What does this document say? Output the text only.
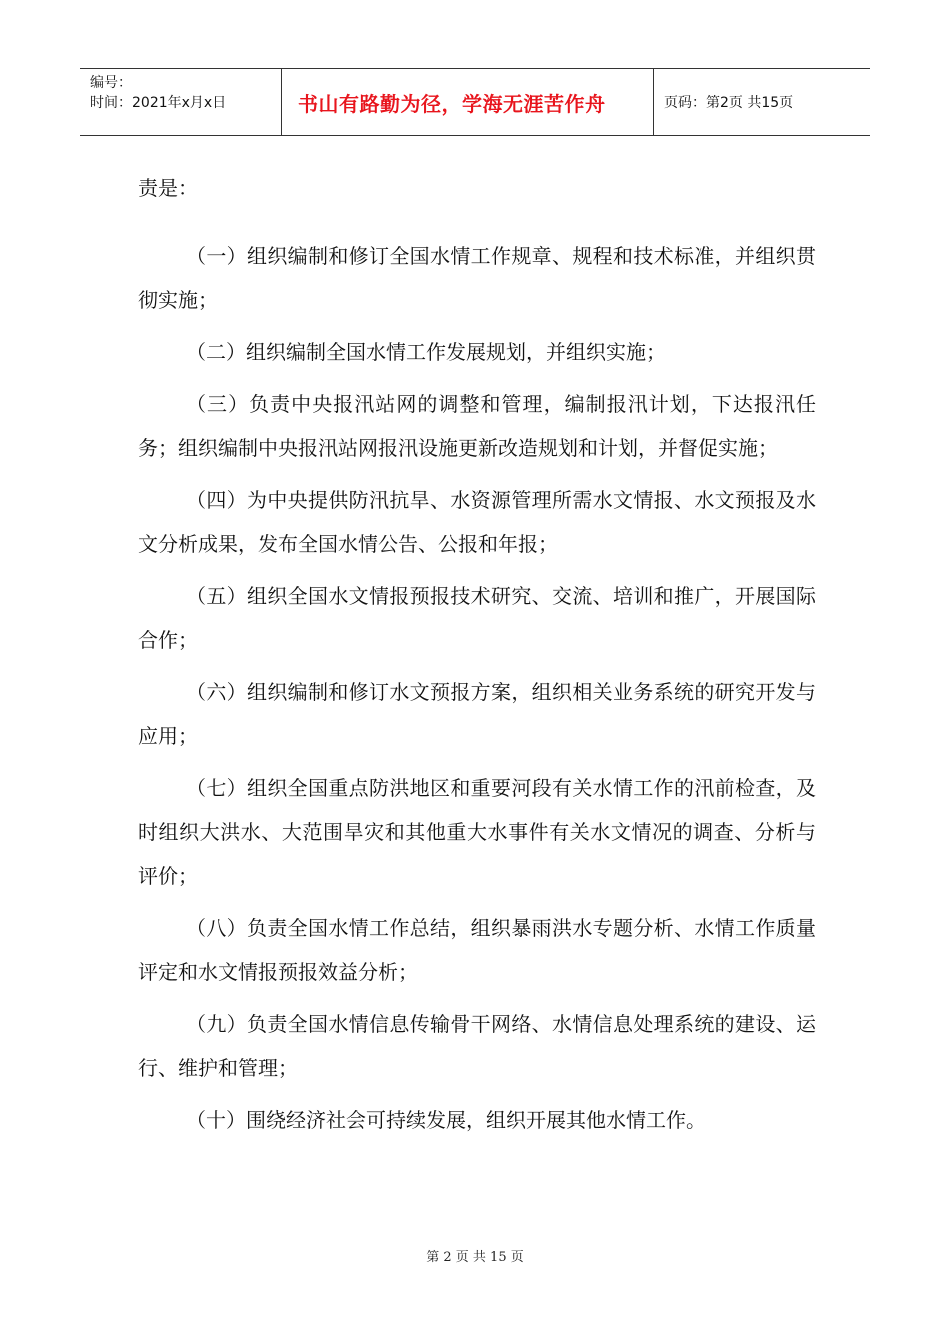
编号：
时间：2021年x月x日	书山有路勤为径，学海无涯苦作舟	页码：第2页 共15页

责是：

（一）组织编制和修订全国水情工作规章、规程和技术标准，并组织贯彻实施；

（二）组织编制全国水情工作发展规划，并组织实施；

（三）负责中央报汛站网的调整和管理，编制报汛计划，下达报汛任务；组织编制中央报汛站网报汛设施更新改造规划和计划，并督促实施；

（四）为中央提供防汛抗旱、水资源管理所需水文情报、水文预报及水文分析成果，发布全国水情公告、公报和年报；

（五）组织全国水文情报预报技术研究、交流、培训和推广，开展国际合作；

（六）组织编制和修订水文预报方案，组织相关业务系统的研究开发与应用；

（七）组织全国重点防洪地区和重要河段有关水情工作的汛前检查，及时组织大洪水、大范围旱灾和其他重大水事件有关水文情况的调查、分析与评价；

（八）负责全国水情工作总结，组织暴雨洪水专题分析、水情工作质量评定和水文情报预报效益分析；

（九）负责全国水情信息传输骨干网络、水情信息处理系统的建设、运行、维护和管理；

（十）围绕经济社会可持续发展，组织开展其他水情工作。

第 2 页 共 15 页
